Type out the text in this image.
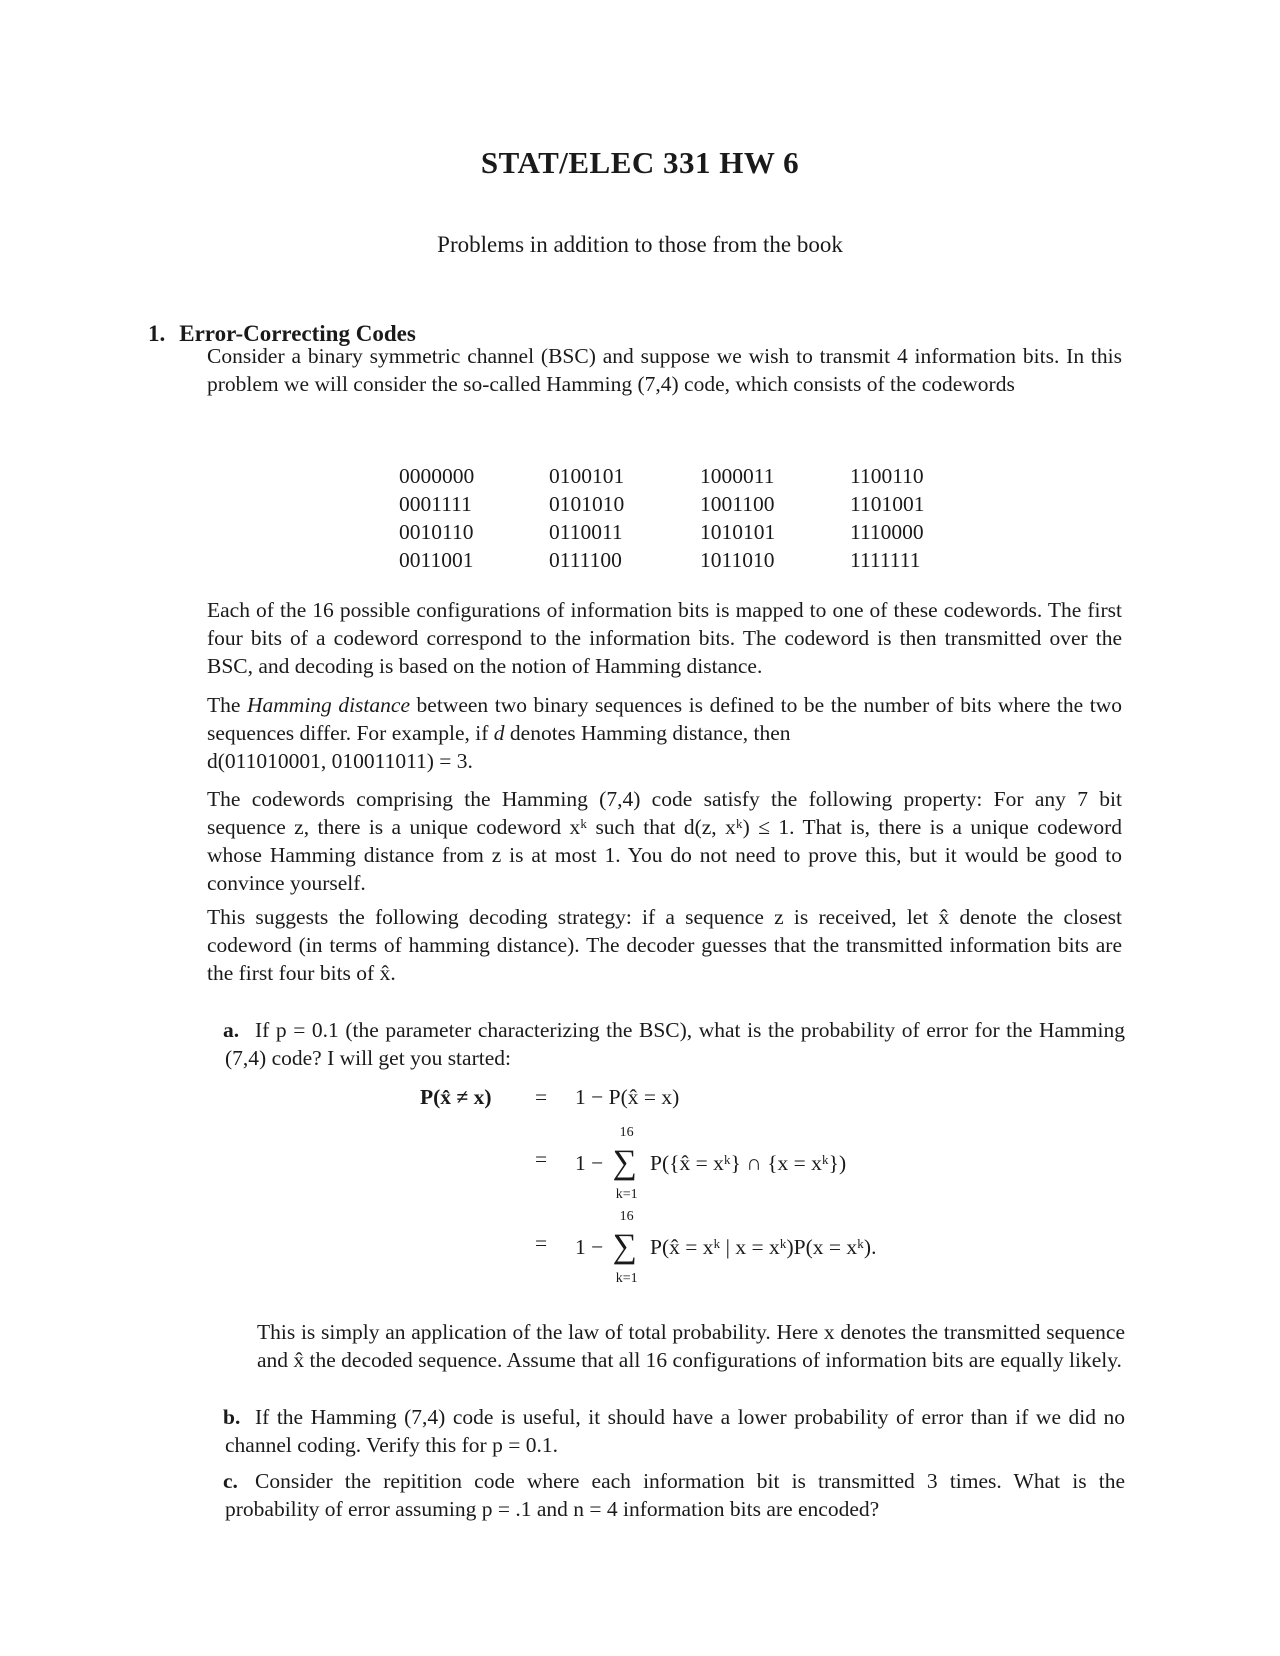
STAT/ELEC 331 HW 6
Problems in addition to those from the book
1. Error-Correcting Codes
Consider a binary symmetric channel (BSC) and suppose we wish to transmit 4 information bits. In this problem we will consider the so-called Hamming (7,4) code, which consists of the codewords
0000000
0001111
0010110
0011001
0100101
0101010
0110011
0111100
1000011
1001100
1010101
1011010
1100110
1101001
1110000
1111111
Each of the 16 possible configurations of information bits is mapped to one of these codewords. The first four bits of a codeword correspond to the information bits. The codeword is then transmitted over the BSC, and decoding is based on the notion of Hamming distance.
The Hamming distance between two binary sequences is defined to be the number of bits where the two sequences differ. For example, if d denotes Hamming distance, then
d(011010001, 010011011) = 3.
The codewords comprising the Hamming (7,4) code satisfy the following property: For any 7 bit sequence z, there is a unique codeword xᵏ such that d(z, xᵏ) ≤ 1. That is, there is a unique codeword whose Hamming distance from z is at most 1. You do not need to prove this, but it would be good to convince yourself.
This suggests the following decoding strategy: if a sequence z is received, let x̂ denote the closest codeword (in terms of hamming distance). The decoder guesses that the transmitted information bits are the first four bits of x̂.
a. If p = 0.1 (the parameter characterizing the BSC), what is the probability of error for the Hamming (7,4) code? I will get you started:
P(x̂ ≠ x) = 1 − P(x̂ = x)
= 1 −
16
∑
k=1
P({x̂ = xᵏ} ∩ {x = xᵏ})
= 1 −
16
∑
k=1
P(x̂ = xᵏ | x = xᵏ)P(x = xᵏ).
This is simply an application of the law of total probability. Here x denotes the transmitted sequence and x̂ the decoded sequence. Assume that all 16 configurations of information bits are equally likely.
b. If the Hamming (7,4) code is useful, it should have a lower probability of error than if we did no channel coding. Verify this for p = 0.1.
c. Consider the repitition code where each information bit is transmitted 3 times. What is the probability of error assuming p = .1 and n = 4 information bits are encoded?
